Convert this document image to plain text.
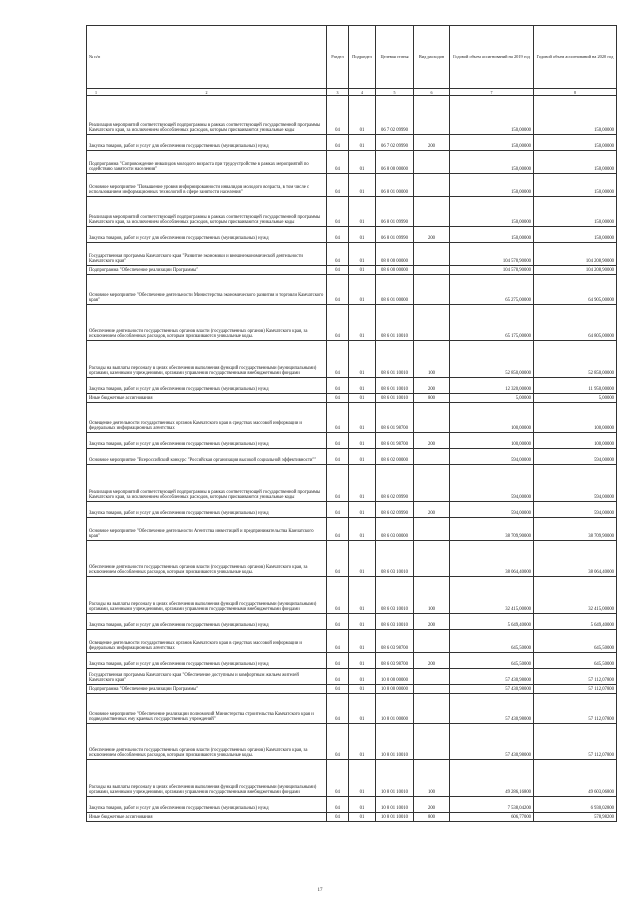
№ п/п	Раздел	Подраздел	Целевая статья	Вид расходов	Годовой объем ассигнований на 2019 год	Годовой объем ассигнований на 2020 год

1 2	3	4	5	6	7	8
Реализация мероприятий соответствующей подпрограммы в рамках соответствующей государственной программы Камчатского края, за исключением обособленных расходов, которым присваиваются уникальные коды	04	01	06 7 02 09990		150,00000	150,00000
Закупка товаров, работ и услуг для обеспечения государственных (муниципальных) нужд	04	01	06 7 02 09990	200	150,00000	150,00000
Подпрограмма "Сопровождение инвалидов молодого возраста при трудоустройстве в рамках мероприятий по содействию занятости населения"	04	01	06 8 00 00000		150,00000	150,00000
Основное мероприятие "Повышение уровня информированности инвалидов молодого возраста, в том числе с использованием информационных технологий в сфере занятости населения"	04	01	06 8 01 00000		150,00000	150,00000
Реализация мероприятий соответствующей подпрограммы в рамках соответствующей государственной программы Камчатского края, за исключением обособленных расходов, которым присваиваются уникальные коды	04	01	06 8 01 09990		150,00000	150,00000
Закупка товаров, работ и услуг для обеспечения государственных (муниципальных) нужд	04	01	06 8 01 09990	200	150,00000	150,00000
Государственная программа Камчатского края "Развитие экономики и внешнеэкономической деятельности Камчатского края"	04	01	08 0 00 00000		104 578,90000	104 208,90000
Подпрограмма "Обеспечение реализации Программы"	04	01	08 6 00 00000		104 578,90000	104 208,90000
Основное мероприятие "Обеспечение деятельности Министерства экономического развития и торговли Камчатского края"	04	01	08 6 01 00000		65 275,00000	64 905,00000
Обеспечение деятельности государственных органов власти (государственных органов) Камчатского края, за исключением обособленных расходов, которым присваиваются уникальные коды.	04	01	08 6 01 10010		65 175,00000	64 805,00000
Расходы на выплаты персоналу в целях обеспечения выполнения функций государственными (муниципальными) органами, казенными учреждениями, органами управления государственными внебюджетными фондами	04	01	08 6 01 10010	100	52 850,00000	52 850,00000
Закупка товаров, работ и услуг для обеспечения государственных (муниципальных) нужд	04	01	08 6 01 10010	200	12 320,00000	11 950,00000
Иные бюджетные ассигнования	04	01	08 6 01 10010	800	5,00000	5,00000
Освещение деятельности государственных органов Камчатского края в средствах массовой информации и федеральных информационных агентствах	04	01	08 6 01 98700		100,00000	100,00000
Закупка товаров, работ и услуг для обеспечения государственных (муниципальных) нужд	04	01	08 6 01 98700	200	100,00000	100,00000
Основное мероприятие "Всероссийский конкурс "Российская организация высокой социальной эффективности""	04	01	08 6 02 00000		594,00000	594,00000
Реализация мероприятий соответствующей подпрограммы в рамках соответствующей государственной программы Камчатского края, за исключением обособленных расходов, которым присваиваются уникальные коды	04	01	08 6 02 09990		594,00000	594,00000
Закупка товаров, работ и услуг для обеспечения государственных (муниципальных) нужд	04	01	08 6 02 09990	200	594,00000	594,00000
Основное мероприятие "Обеспечение деятельности Агентства инвестиций и предпринимательства Камчатского края"	04	01	08 6 03 00000		38 709,90000	38 709,90000
Обеспечение деятельности государственных органов власти (государственных органов) Камчатского края, за исключением обособленных расходов, которым присваиваются уникальные коды.	04	01	08 6 03 10010		38 064,40000	38 064,40000
Расходы на выплаты персоналу в целях обеспечения выполнения функций государственными (муниципальными) органами, казенными учреждениями, органами управления государственными внебюджетными фондами	04	01	08 6 03 10010	100	32 415,00000	32 415,00000
Закупка товаров, работ и услуг для обеспечения государственных (муниципальных) нужд	04	01	08 6 03 10010	200	5 649,40000	5 649,40000
Освещение деятельности государственных органов Камчатского края в средствах массовой информации и федеральных информационных агентствах	04	01	08 6 03 98700		645,50000	645,50000
Закупка товаров, работ и услуг для обеспечения государственных (муниципальных) нужд	04	01	08 6 03 98700	200	645,50000	645,50000
Государственная программа Камчатского края "Обеспечение доступным и комфортным жильем жителей Камчатского края"	04	01	10 0 00 00000		57 430,98000	57 112,07800
Подпрограмма "Обеспечение реализации Программы"	04	01	10 8 00 00000		57 430,98000	57 112,07800
Основное мероприятие "Обеспечение реализации полномочий Министерства строительства Камчатского края и подведомственных ему краевых государственных учреждений"	04	01	10 8 01 00000		57 430,98000	57 112,07800
Обеспечение деятельности государственных органов власти (государственных органов) Камчатского края, за исключением обособленных расходов, которым присваиваются уникальные коды.	04	01	10 8 01 10010		57 430,98000	57 112,07800
Расходы на выплаты персоналу в целях обеспечения выполнения функций государственными (муниципальными) органами, казенными учреждениями, органами управления государственными внебюджетными фондами	04	01	10 8 01 10010	100	49 286,16800	49 603,06800
Закупка товаров, работ и услуг для обеспечения государственных (муниципальных) нужд	04	01	10 8 01 10010	200	7 538,04200	6 930,02800
Иные бюджетные ассигнования	04	01	10 8 01 10010	800	606,77000	578,98200
17
